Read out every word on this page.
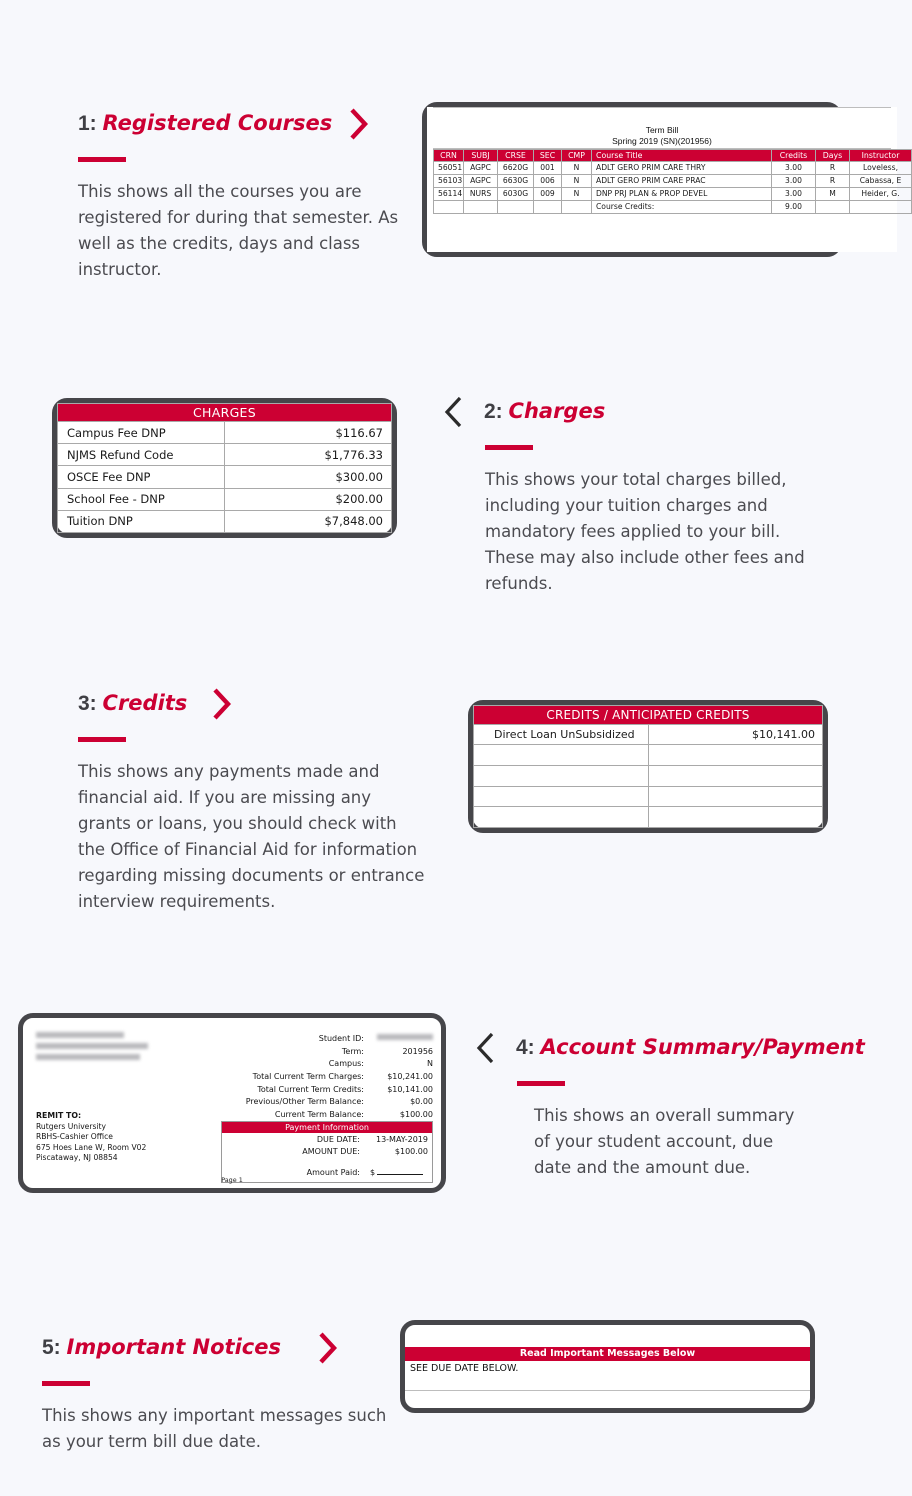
1: Registered Courses
This shows all the courses you are registered for during that semester. As well as the credits, days and class instructor.
Term Bill
Spring 2019 (SN)(201956)
CRN	SUBJ	CRSE	SEC	CMP	Course Title	Credits	Days	Instructor
56051	AGPC	6620G	001	N	ADLT GERO PRIM CARE THRY	3.00	R	Loveless,
56103	AGPC	6630G	006	N	ADLT GERO PRIM CARE PRAC	3.00	R	Cabassa, E
56114	NURS	6030G	009	N	DNP PRJ PLAN & PROP DEVEL	3.00	M	Heider, G.
					Course Credits:	9.00		
CHARGES	
Campus Fee DNP	$116.67
NJMS Refund Code	$1,776.33
OSCE Fee DNP	$300.00
School Fee - DNP	$200.00
Tuition DNP	$7,848.00
2: Charges
This shows your total charges billed, including your tuition charges and mandatory fees applied to your bill. These may also include other fees and refunds.
3: Credits
This shows any payments made and financial aid. If you are missing any grants or loans, you should check with the Office of Financial Aid for information regarding missing documents or entrance interview requirements.
CREDITS / ANTICIPATED CREDITS	
Direct Loan UnSubsidized	$10,141.00

REMIT TO:
Rutgers University
RBHS-Cashier Office
675 Hoes Lane W, Room V02
Piscataway, NJ 08854
Student ID:
Term:	201956
Campus:	N
Total Current Term Charges:	$10,241.00
Total Current Term Credits:	$10,141.00
Previous/Other Term Balance:	$0.00
Current Term Balance:	$100.00
Payment Information
DUE DATE:	13-MAY-2019
AMOUNT DUE:	$100.00
Amount Paid:	$
Page 1
4: Account Summary/Payment
This shows an overall summary of your student account, due date and the amount due.
5: Important Notices
This shows any important messages such as your term bill due date.
Read Important Messages Below
SEE DUE DATE BELOW.
